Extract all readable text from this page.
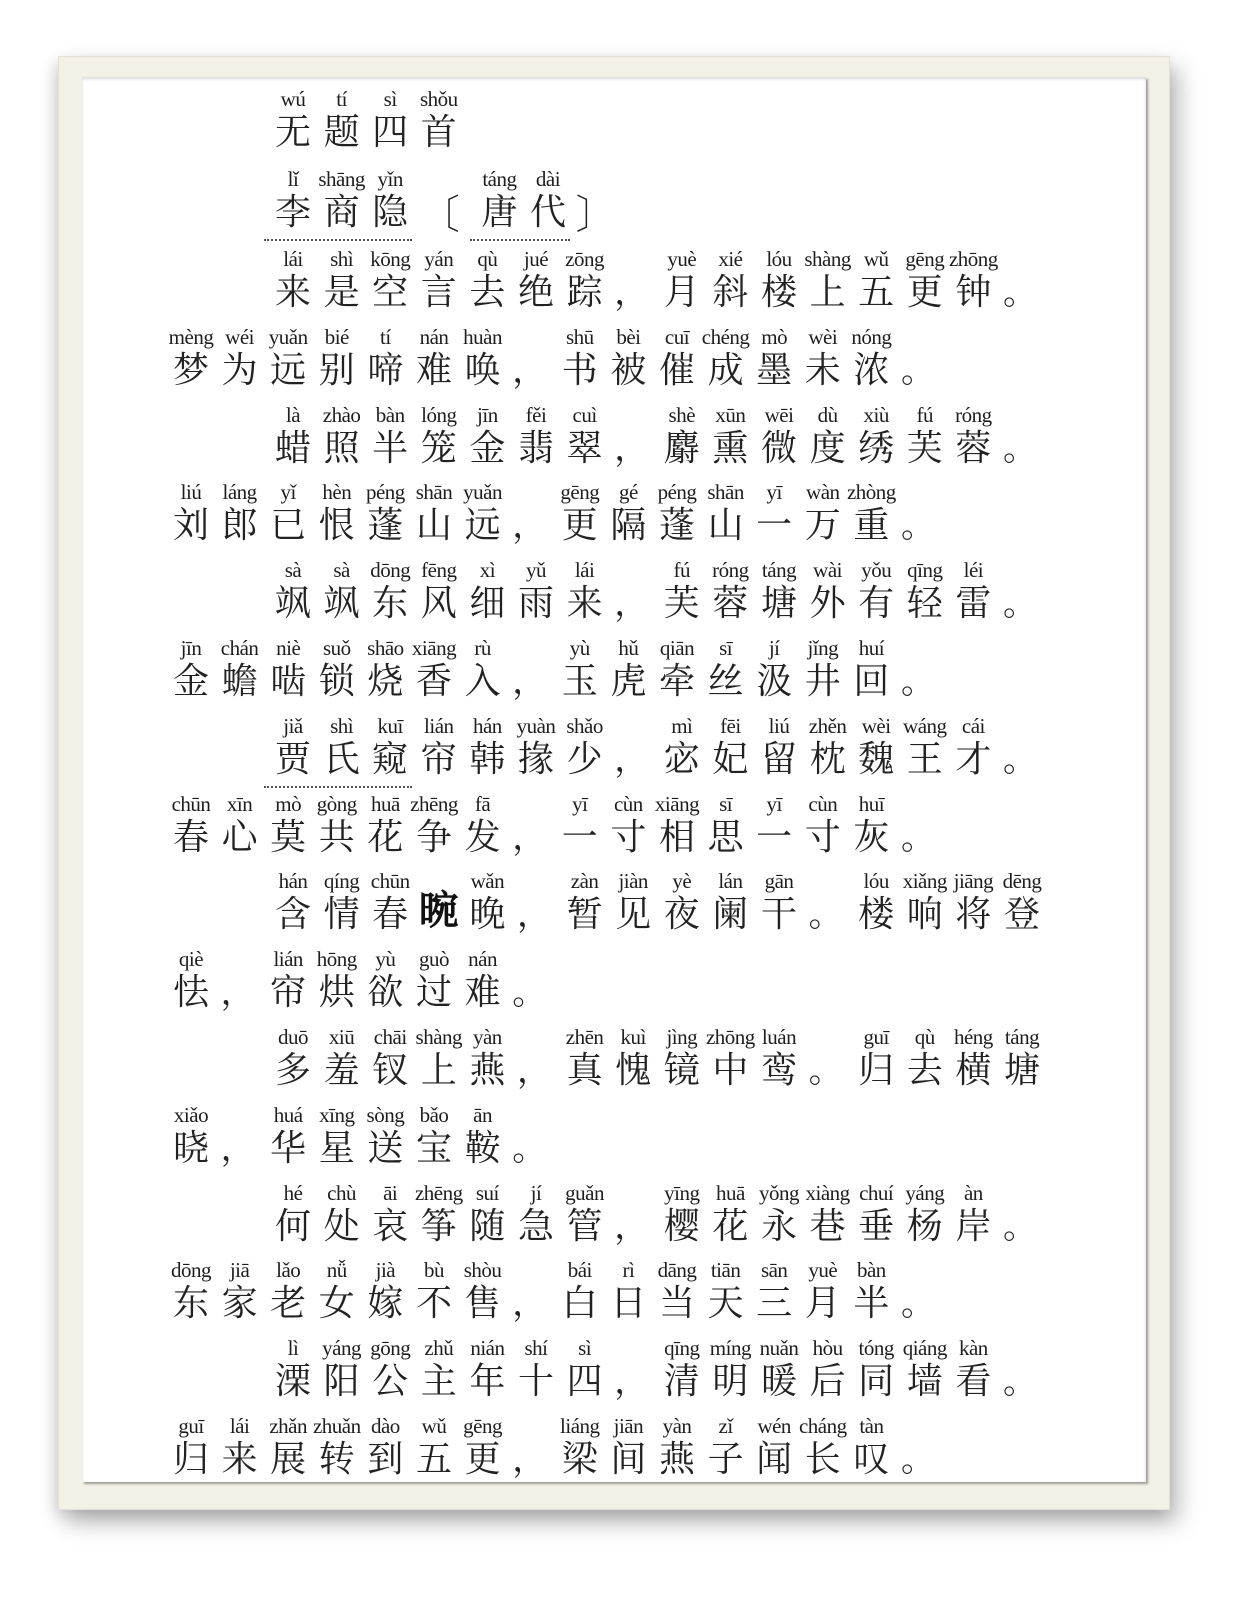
wú
无
tí
题
sì
四
shǒu
首
lǐ
李
shāng
商
yǐn
隐 〔
táng
唐
dài
代 〕
lái
来
shì
是
kōng
空
yán
言
qù
去
jué
绝
zōng
踪 ，
yuè
月
xié
斜
lóu
楼
shàng
上
wǔ
五
gēng
更
zhōng
钟 。
mèng
梦
wéi
为
yuǎn
远
bié
别
tí
啼
nán
难
huàn
唤 ，
shū
书
bèi
被
cuī
催
chéng
成
mò
墨
wèi
未
nóng
浓 。
là
蜡
zhào
照
bàn
半
lóng
笼
jīn
金
fěi
翡
cuì
翠 ，
shè
麝
xūn
熏
wēi
微
dù
度
xiù
绣
fú
芙
róng
蓉 。
liú
刘
láng
郎
yǐ
已
hèn
恨
péng
蓬
shān
山
yuǎn
远 ，
gēng
更
gé
隔
péng
蓬
shān
山
yī
一
wàn
万
zhòng
重 。
sà
飒
sà
飒
dōng
东
fēng
风
xì
细
yǔ
雨
lái
来 ，
fú
芙
róng
蓉
táng
塘
wài
外
yǒu
有
qīng
轻
léi
雷 。
jīn
金
chán
蟾
niè
啮
suǒ
锁
shāo
烧
xiāng
香
rù
入 ，
yù
玉
hǔ
虎
qiān
牵
sī
丝
jí
汲
jǐng
井
huí
回 。
jiǎ
贾
shì
氏
kuī
窥
lián
帘
hán
韩
yuàn
掾
shǎo
少 ，
mì
宓
fēi
妃
liú
留
zhěn
枕
wèi
魏
wáng
王
cái
才 。
chūn
春
xīn
心
mò
莫
gòng
共
huā
花
zhēng
争
fā
发 ，
yī
一
cùn
寸
xiāng
相
sī
思
yī
一
cùn
寸
huī
灰 。
hán
含
qíng
情
chūn
春 晼
wǎn
晚 ，
zàn
暂
jiàn
见
yè
夜
lán
阑
gān
干 。
lóu
楼
xiǎng
响
jiāng
将
dēng
登
qiè
怯 ，
lián
帘
hōng
烘
yù
欲
guò
过
nán
难 。
duō
多
xiū
羞
chāi
钗
shàng
上
yàn
燕 ，
zhēn
真
kuì
愧
jìng
镜
zhōng
中
luán
鸾 。
guī
归
qù
去
héng
横
táng
塘
xiǎo
晓 ，
huá
华
xīng
星
sòng
送
bǎo
宝
ān
鞍 。
hé
何
chù
处
āi
哀
zhēng
筝
suí
随
jí
急
guǎn
管 ，
yīng
樱
huā
花
yǒng
永
xiàng
巷
chuí
垂
yáng
杨
àn
岸 。
dōng
东
jiā
家
lǎo
老
nǚ
女
jià
嫁
bù
不
shòu
售 ，
bái
白
rì
日
dāng
当
tiān
天
sān
三
yuè
月
bàn
半 。
lì
溧
yáng
阳
gōng
公
zhǔ
主
nián
年
shí
十
sì
四 ，
qīng
清
míng
明
nuǎn
暖
hòu
后
tóng
同
qiáng
墙
kàn
看 。
guī
归
lái
来
zhǎn
展
zhuǎn
转
dào
到
wǔ
五
gēng
更 ，
liáng
梁
jiān
间
yàn
燕
zǐ
子
wén
闻
cháng
长
tàn
叹 。
